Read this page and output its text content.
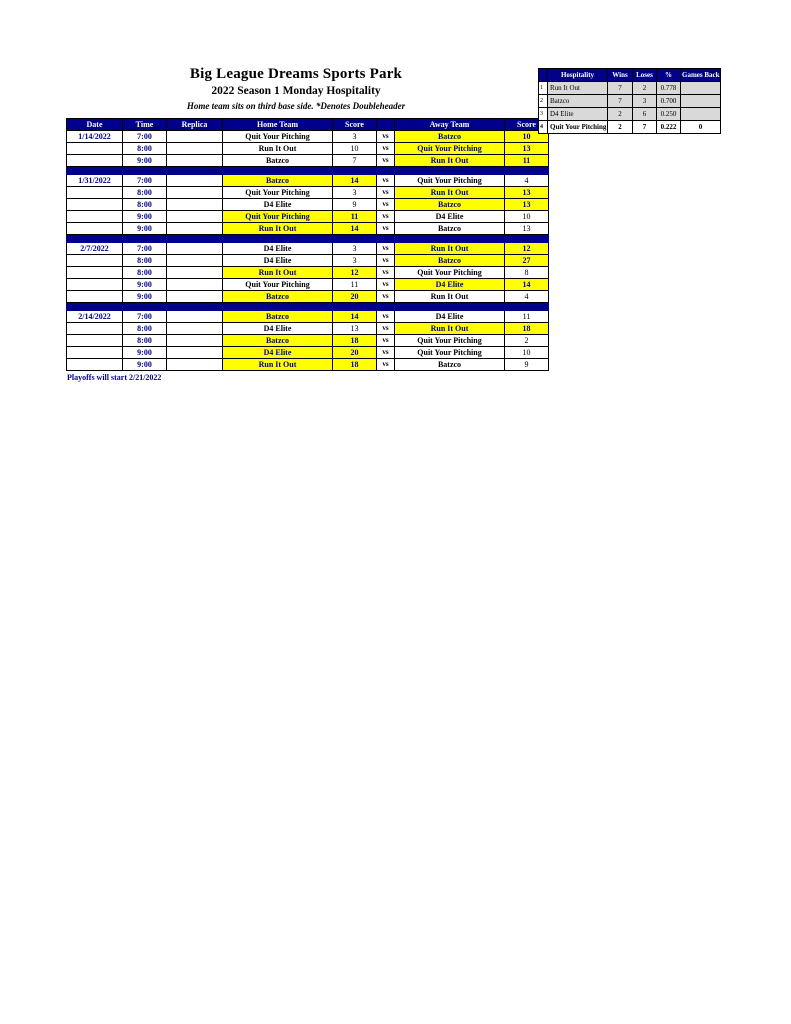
Big League Dreams Sports Park
2022 Season 1 Monday Hospitality
Home team sits on third base side. *Denotes Doubleheader
Date	Time	Replica	Home Team	Score		Away Team	Score
1/14/2022	7:00		Quit Your Pitching	3	vs	Batzco	10
	8:00		Run It Out	10	vs	Quit Your Pitching	13
	9:00		Batzco	7	vs	Run It Out	11

1/31/2022	7:00		Batzco	14	vs	Quit Your Pitching	4
	8:00		Quit Your Pitching	3	vs	Run It Out	13
	8:00		D4 Elite	9	vs	Batzco	13
	9:00		Quit Your Pitching	11	vs	D4 Elite	10
	9:00		Run It Out	14	vs	Batzco	13

2/7/2022	7:00		D4 Elite	3	vs	Run It Out	12
	8:00		D4 Elite	3	vs	Batzco	27
	8:00		Run It Out	12	vs	Quit Your Pitching	8
	9:00		Quit Your Pitching	11	vs	D4 Elite	14
	9:00		Batzco	20	vs	Run It Out	4

2/14/2022	7:00		Batzco	14	vs	D4 Elite	11
	8:00		D4 Elite	13	vs	Run It Out	18
	8:00		Batzco	18	vs	Quit Your Pitching	2
	9:00		D4 Elite	20	vs	Quit Your Pitching	10
	9:00		Run It Out	18	vs	Batzco	9
	Hospitality	Wins	Loses	%	Games Back
1	Run It Out	7	2	0.778	
2	Batzco	7	3	0.700	
3	D4 Elite	2	6	0.250	
4	Quit Your Pitching	2	7	0.222	0
Playoffs will start 2/21/2022
